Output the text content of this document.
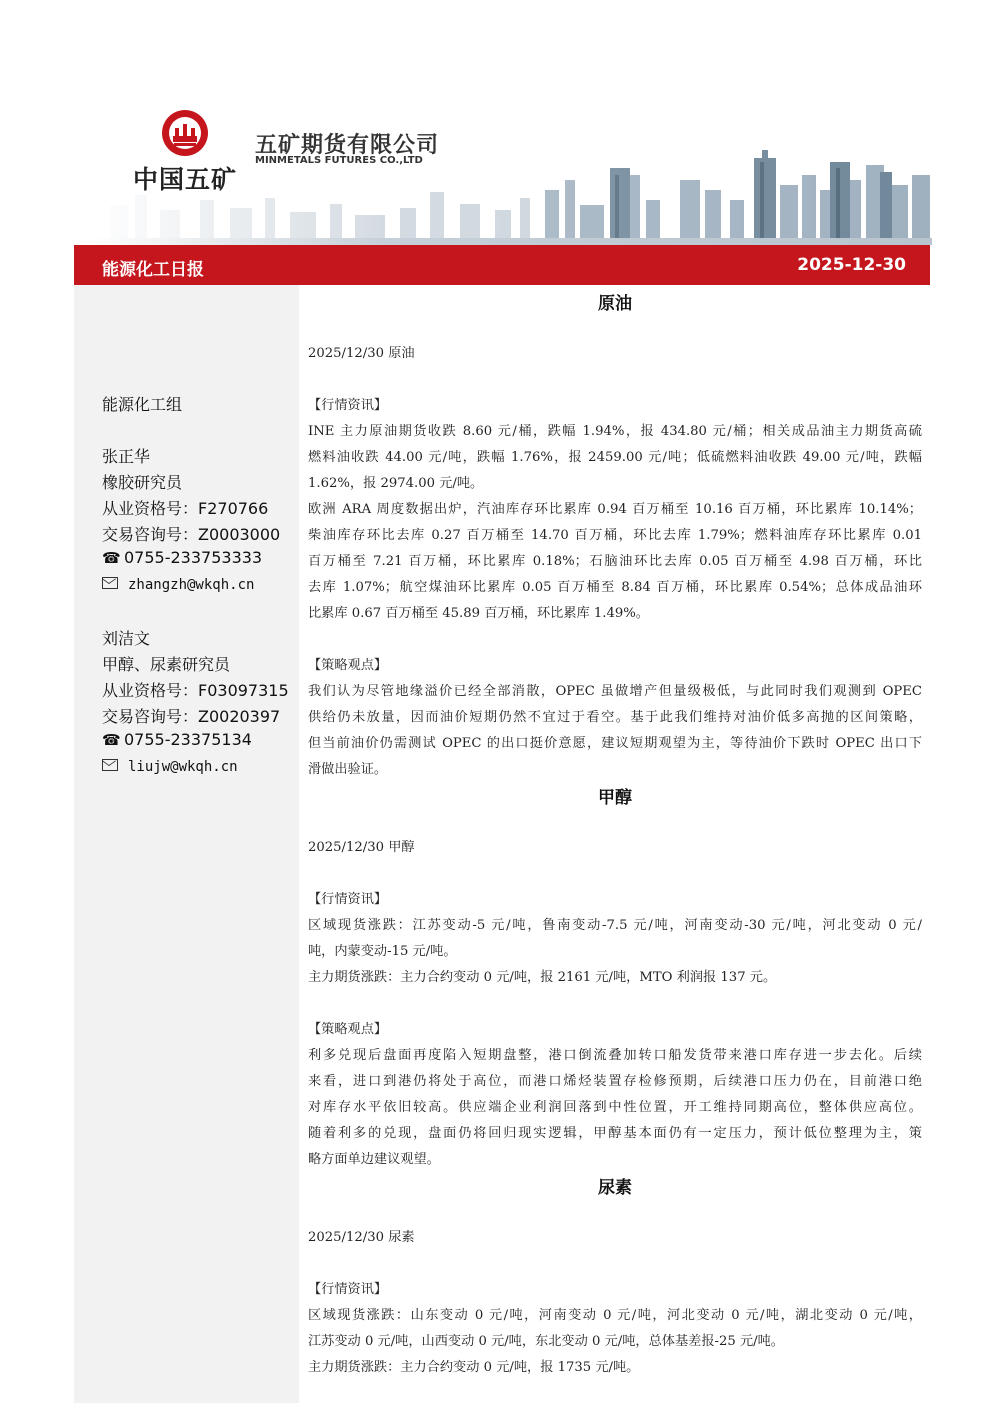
中国五矿
五矿期货有限公司
MINMETALS FUTURES CO.,LTD
能源化工日报	2025-12-30
能源化工组
张正华
橡胶研究员
从业资格号：F270766
交易咨询号：Z0003000
☎ 0755-233753333
zhangzh@wkqh.cn
刘洁文
甲醇、尿素研究员
从业资格号：F03097315
交易咨询号：Z0020397
☎ 0755-23375134
liujw@wkqh.cn
原油
2025/12/30 原油
【行情资讯】
INE 主力原油期货收跌 8.60 元/桶，跌幅 1.94%，报 434.80 元/桶；相关成品油主力期货高硫
燃料油收跌 44.00 元/吨，跌幅 1.76%，报 2459.00 元/吨；低硫燃料油收跌 49.00 元/吨，跌幅
1.62%，报 2974.00 元/吨。
欧洲 ARA 周度数据出炉，汽油库存环比累库 0.94 百万桶至 10.16 百万桶，环比累库 10.14%；
柴油库存环比去库 0.27 百万桶至 14.70 百万桶，环比去库 1.79%；燃料油库存环比累库 0.01
百万桶至 7.21 百万桶，环比累库 0.18%；石脑油环比去库 0.05 百万桶至 4.98 百万桶，环比
去库 1.07%；航空煤油环比累库 0.05 百万桶至 8.84 百万桶，环比累库 0.54%；总体成品油环
比累库 0.67 百万桶至 45.89 百万桶，环比累库 1.49%。
【策略观点】
我们认为尽管地缘溢价已经全部消散，OPEC 虽做增产但量级极低，与此同时我们观测到 OPEC
供给仍未放量，因而油价短期仍然不宜过于看空。基于此我们维持对油价低多高抛的区间策略，
但当前油价仍需测试 OPEC 的出口挺价意愿，建议短期观望为主，等待油价下跌时 OPEC 出口下
滑做出验证。
甲醇
2025/12/30 甲醇
【行情资讯】
区域现货涨跌：江苏变动-5 元/吨，鲁南变动-7.5 元/吨，河南变动-30 元/吨，河北变动 0 元/
吨，内蒙变动-15 元/吨。
主力期货涨跌：主力合约变动 0 元/吨，报 2161 元/吨，MTO 利润报 137 元。
【策略观点】
利多兑现后盘面再度陷入短期盘整，港口倒流叠加转口船发货带来港口库存进一步去化。后续
来看，进口到港仍将处于高位，而港口烯烃装置存检修预期，后续港口压力仍在，目前港口绝
对库存水平依旧较高。供应端企业利润回落到中性位置，开工维持同期高位，整体供应高位。
随着利多的兑现，盘面仍将回归现实逻辑，甲醇基本面仍有一定压力，预计低位整理为主，策
略方面单边建议观望。
尿素
2025/12/30 尿素
【行情资讯】
区域现货涨跌：山东变动 0 元/吨，河南变动 0 元/吨，河北变动 0 元/吨，湖北变动 0 元/吨，
江苏变动 0 元/吨，山西变动 0 元/吨，东北变动 0 元/吨，总体基差报-25 元/吨。
主力期货涨跌：主力合约变动 0 元/吨，报 1735 元/吨。
